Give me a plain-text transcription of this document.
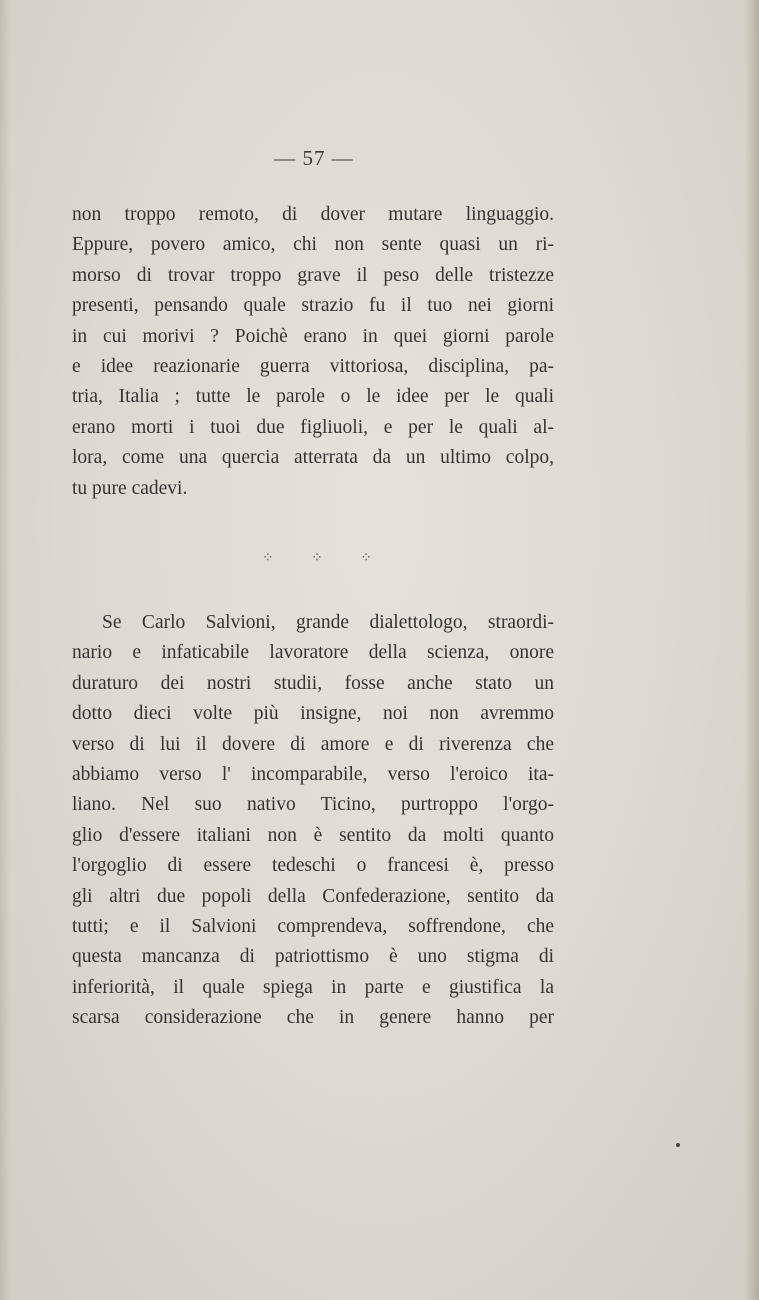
— 57 —
non troppo remoto, di dover mutare linguaggio.
Eppure, povero amico, chi non sente quasi un ri-
morso di trovar troppo grave il peso delle tristezze
presenti, pensando quale strazio fu il tuo nei giorni
in cui morivi ? Poichè erano in quei giorni parole
e idee reazionarie guerra vittoriosa, disciplina, pa-
tria, Italia ; tutte le parole o le idee per le quali
erano morti i tuoi due figliuoli, e per le quali al-
lora, come una quercia atterrata da un ultimo colpo,
tu pure cadevi.
⁘	⁘	⁘
Se Carlo Salvioni, grande dialettologo, straordi-
nario e infaticabile lavoratore della scienza, onore
duraturo dei nostri studii, fosse anche stato un
dotto dieci volte più insigne, noi non avremmo
verso di lui il dovere di amore e di riverenza che
abbiamo verso l' incomparabile, verso l'eroico ita-
liano. Nel suo nativo Ticino, purtroppo l'orgo-
glio d'essere italiani non è sentito da molti quanto
l'orgoglio di essere tedeschi o francesi è, presso
gli altri due popoli della Confederazione, sentito da
tutti; e il Salvioni comprendeva, soffrendone, che
questa mancanza di patriottismo è uno stigma di
inferiorità, il quale spiega in parte e giustifica la
scarsa considerazione che in genere hanno per
